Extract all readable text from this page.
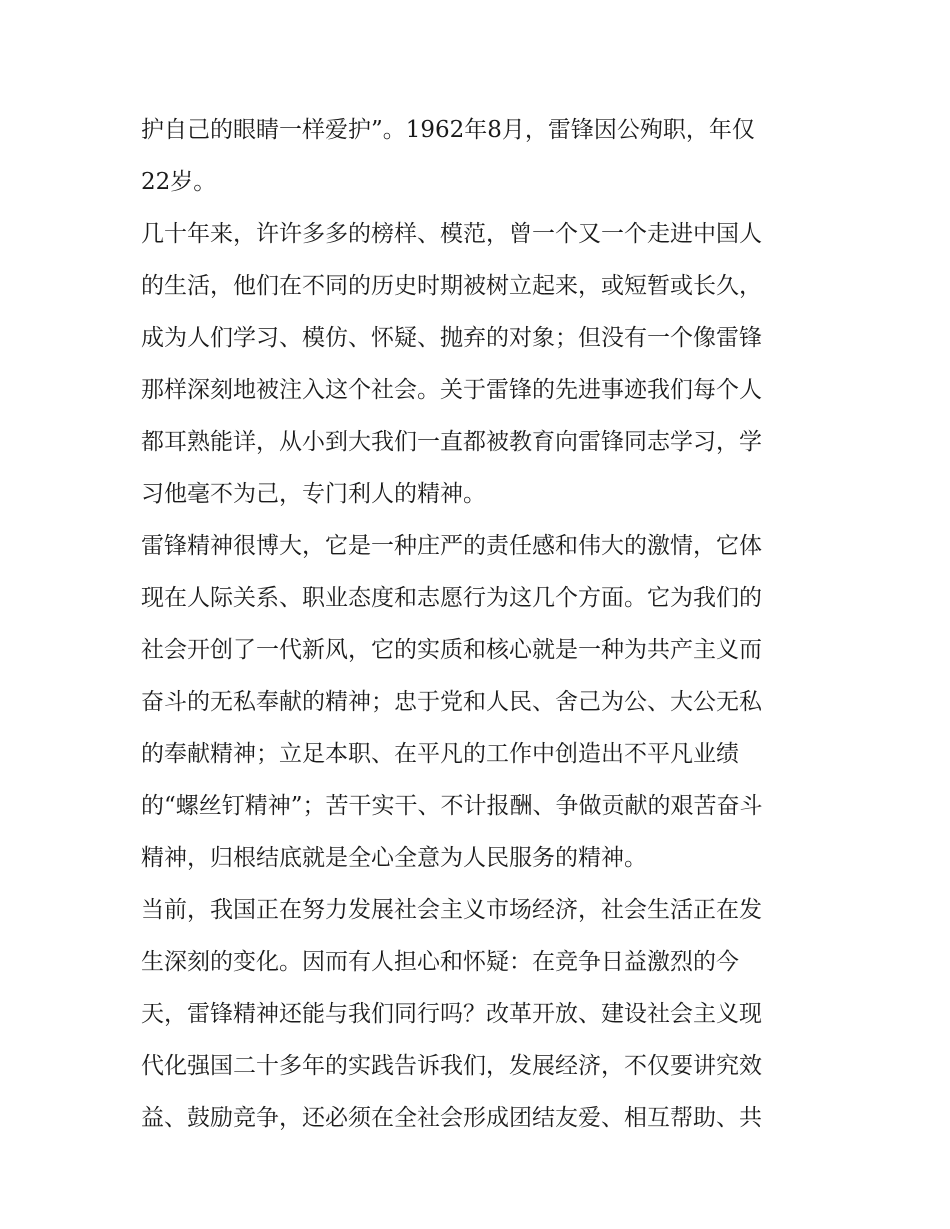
护自己的眼睛一样爱护”。1962年8月，雷锋因公殉职，年仅
22岁。
几十年来，许许多多的榜样、模范，曾一个又一个走进中国人
的生活，他们在不同的历史时期被树立起来，或短暂或长久，
成为人们学习、模仿、怀疑、抛弃的对象；但没有一个像雷锋
那样深刻地被注入这个社会。关于雷锋的先进事迹我们每个人
都耳熟能详，从小到大我们一直都被教育向雷锋同志学习，学
习他毫不为己，专门利人的精神。
雷锋精神很博大，它是一种庄严的责任感和伟大的激情，它体
现在人际关系、职业态度和志愿行为这几个方面。它为我们的
社会开创了一代新风，它的实质和核心就是一种为共产主义而
奋斗的无私奉献的精神；忠于党和人民、舍己为公、大公无私
的奉献精神；立足本职、在平凡的工作中创造出不平凡业绩
的“螺丝钉精神”；苦干实干、不计报酬、争做贡献的艰苦奋斗
精神，归根结底就是全心全意为人民服务的精神。
当前，我国正在努力发展社会主义市场经济，社会生活正在发
生深刻的变化。因而有人担心和怀疑：在竞争日益激烈的今
天，雷锋精神还能与我们同行吗？改革开放、建设社会主义现
代化强国二十多年的实践告诉我们，发展经济，不仅要讲究效
益、鼓励竞争，还必须在全社会形成团结友爱、相互帮助、共
